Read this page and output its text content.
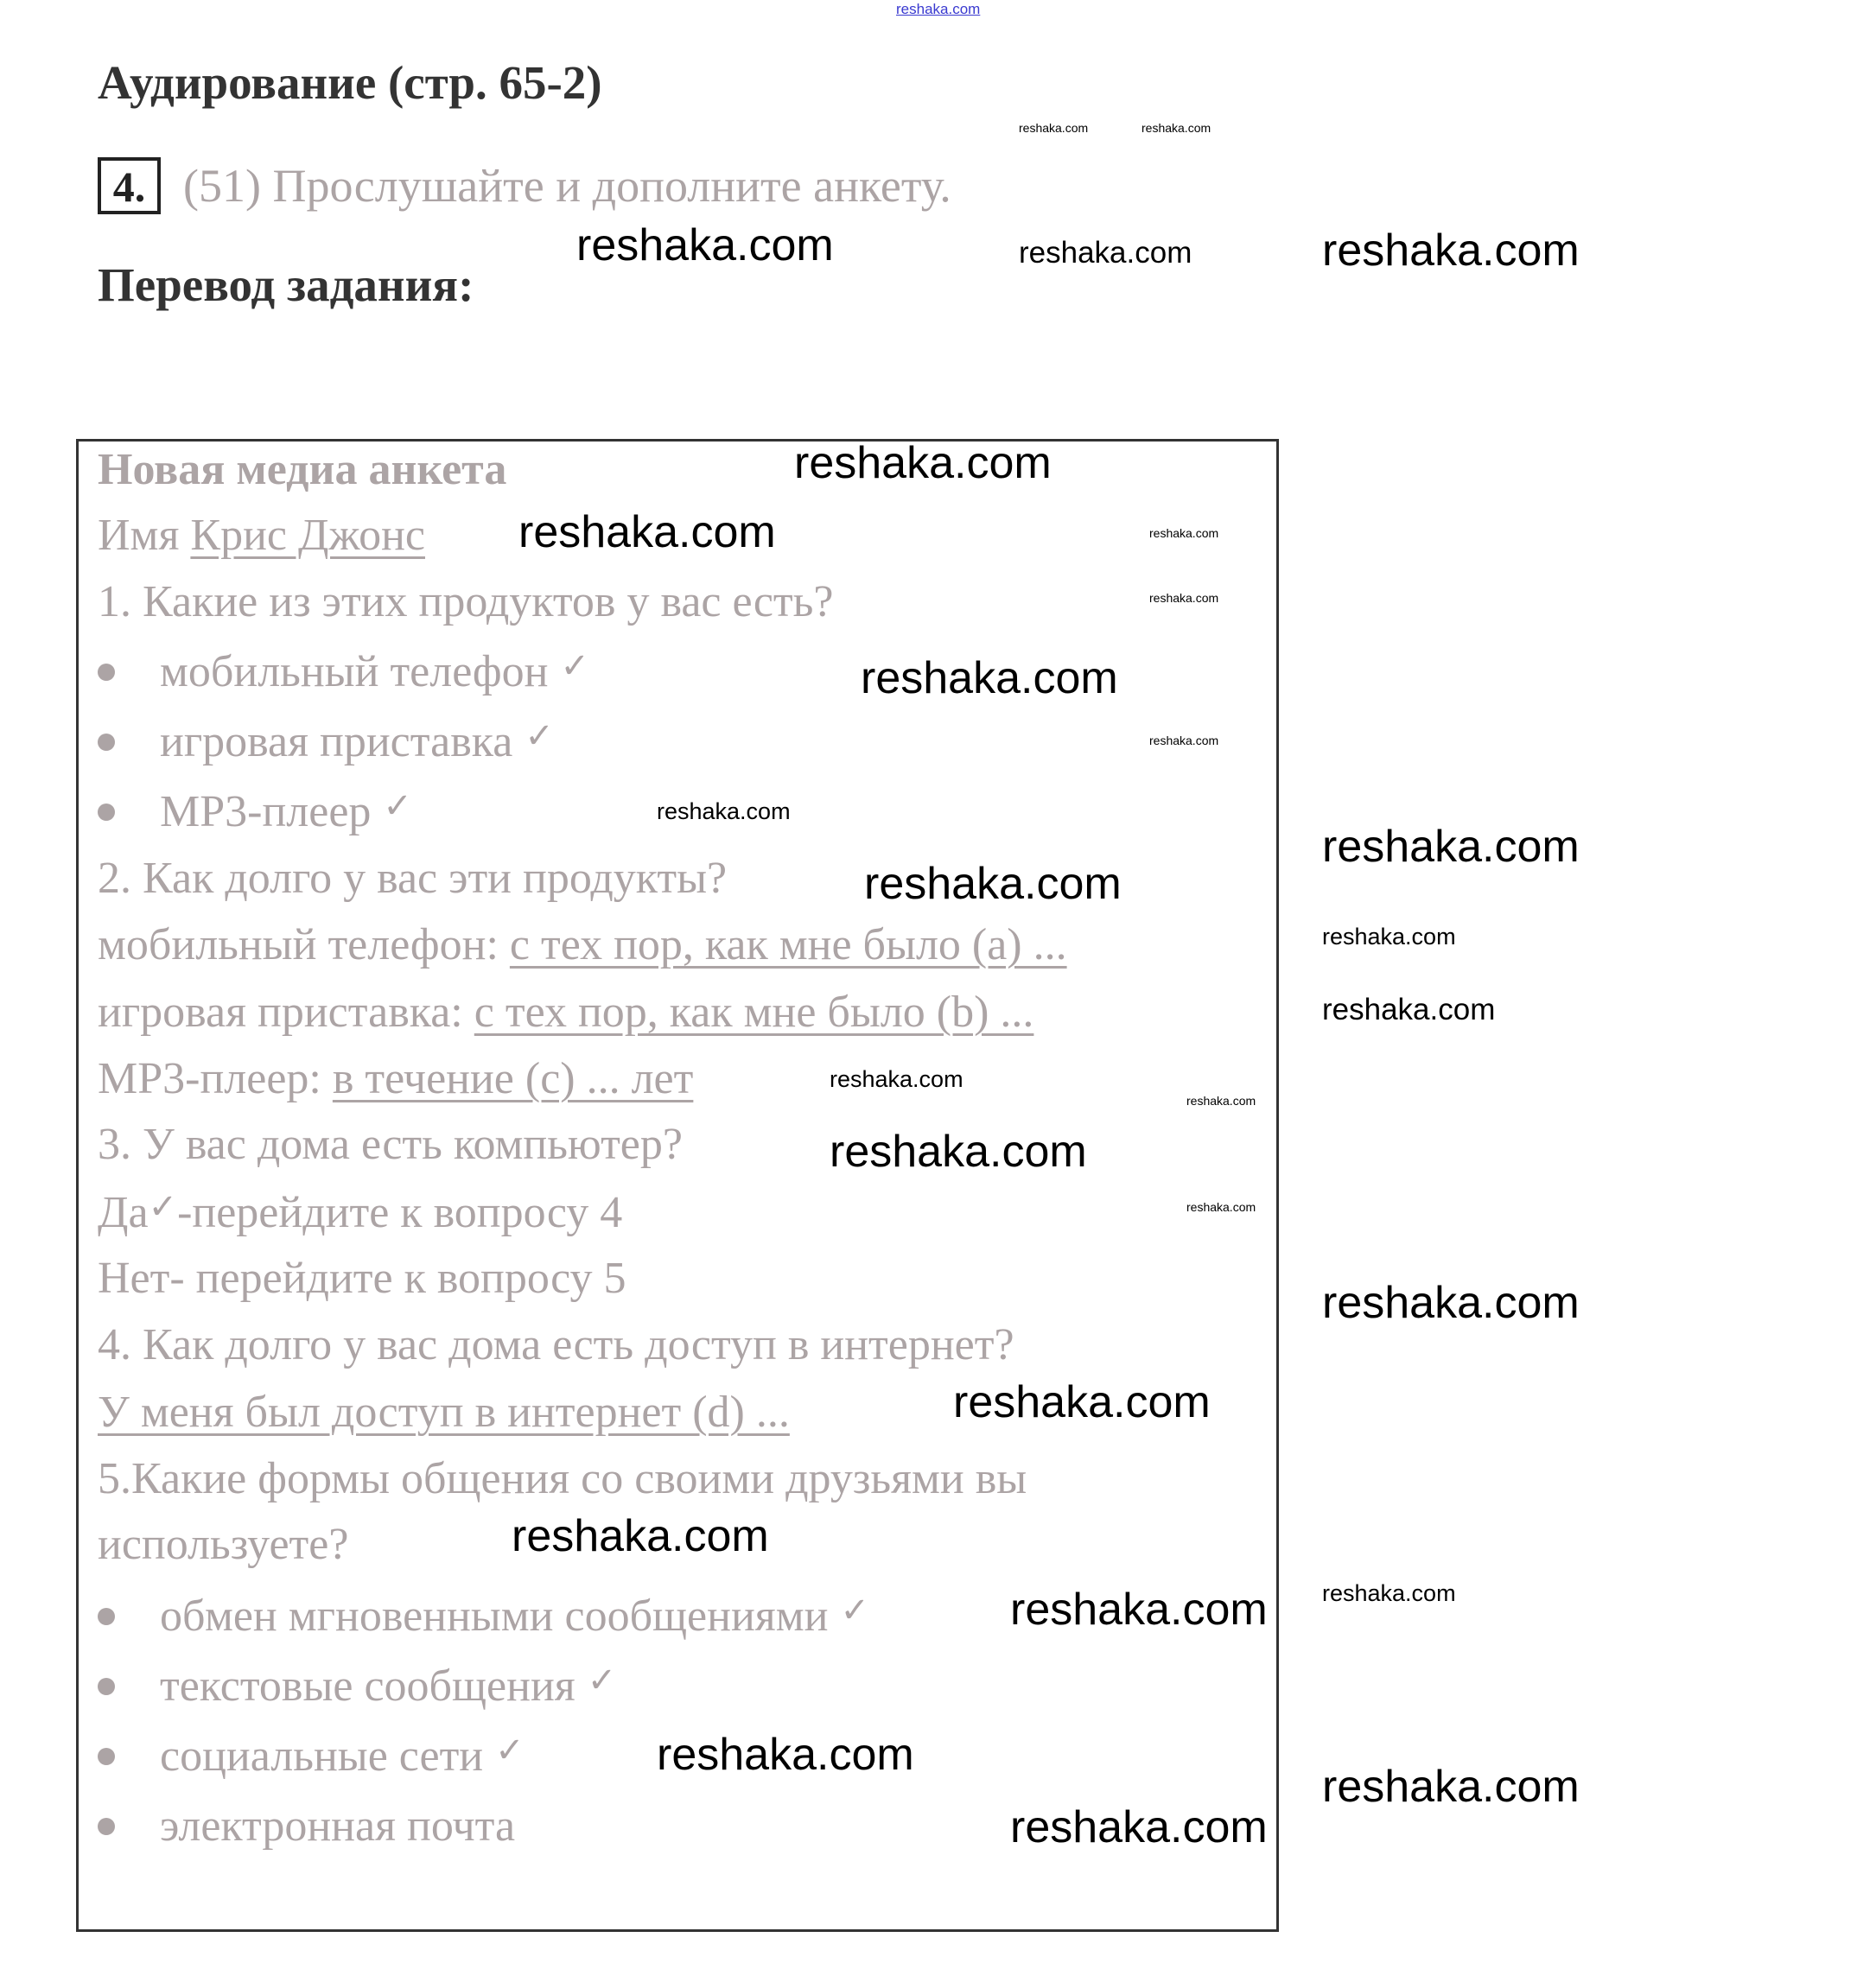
reshaka.com
Аудирование (стр. 65-2)
reshaka.com	reshaka.com
4. (51) Прослушайте и дополните анкету.
Перевод задания:
reshaka.com
reshaka.com	reshaka.com
Новая медиа анкета
Имя Крис Джонс
1. Какие из этих продуктов у вас есть?
мобильный телефон ✓
игровая приставка ✓
MP3-плеер ✓
2. Как долго у вас эти продукты?
мобильный телефон: с тех пор, как мне было (a) ...
игровая приставка: с тех пор, как мне было (b) ...
MP3-плеер: в течение (c) ... лет
3. У вас дома есть компьютер?
Да✓-перейдите к вопросу 4
Нет- перейдите к вопросу 5
4. Как долго у вас дома есть доступ в интернет?
У меня был доступ в интернет (d) ...
5.Какие формы общения со своими друзьями вы
используете?
обмен мгновенными сообщениями ✓
текстовые сообщения ✓
социальные сети ✓
электронная почта
reshaka.com
reshaka.com
reshaka.com
reshaka.com
reshaka.com
reshaka.com
reshaka.com
reshaka.com
reshaka.com
reshaka.com
reshaka.com
reshaka.com
reshaka.com
reshaka.com
reshaka.com
reshaka.com
reshaka.com
reshaka.com
reshaka.com
reshaka.com
reshaka.com
reshaka.com
reshaka.com
